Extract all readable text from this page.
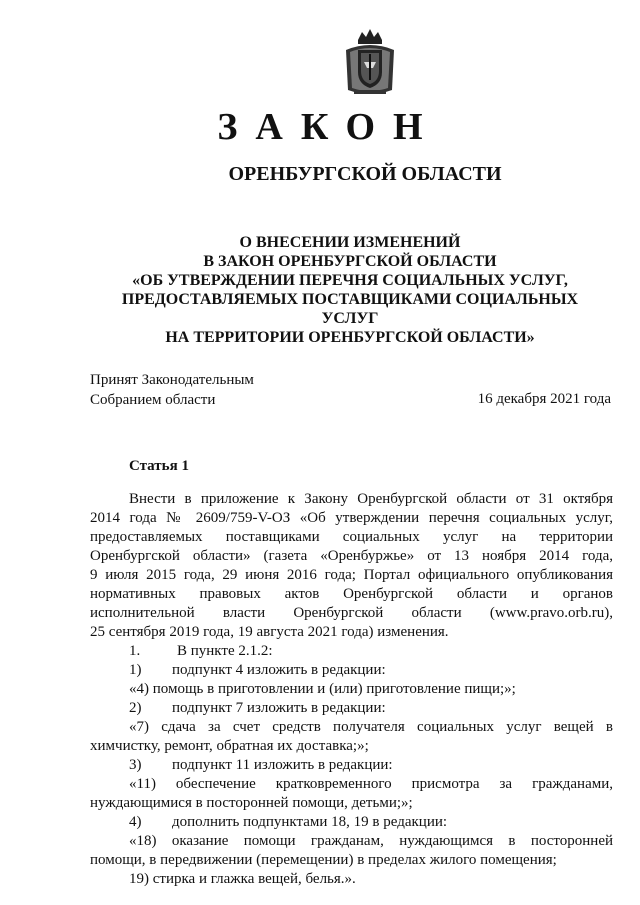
ЗАКОН
ОРЕНБУРГСКОЙ ОБЛАСТИ
О ВНЕСЕНИИ ИЗМЕНЕНИЙ
В ЗАКОН ОРЕНБУРГСКОЙ ОБЛАСТИ
«ОБ УТВЕРЖДЕНИИ ПЕРЕЧНЯ СОЦИАЛЬНЫХ УСЛУГ,
ПРЕДОСТАВЛЯЕМЫХ ПОСТАВЩИКАМИ СОЦИАЛЬНЫХ УСЛУГ
НА ТЕРРИТОРИИ ОРЕНБУРГСКОЙ ОБЛАСТИ»
Принят Законодательным
Собранием области	16 декабря 2021 года
Статья 1

Внести в приложение к Закону Оренбургской области от 31 октября

2014 года № 2609/759-V-ОЗ «Об утверждении перечня социальных услуг,

предоставляемых поставщиками социальных услуг на территории

Оренбургской области» (газета «Оренбуржье» от 13 ноября 2014 года,

9 июля 2015 года, 29 июня 2016 года; Портал официального опубликования

нормативных правовых актов Оренбургской области и органов

исполнительной власти Оренбургской области (www.pravo.orb.ru),

25 сентября 2019 года, 19 августа 2021 года) изменения.

1.	В пункте 2.1.2:
1)	подпункт 4 изложить в редакции:

«4) помощь в приготовлении и (или) приготовление пищи;»;

2)	подпункт 7 изложить в редакции:

«7) сдача за счет средств получателя социальных услуг вещей в

химчистку, ремонт, обратная их доставка;»;

3)	подпункт 11 изложить в редакции:

«11) обеспечение кратковременного присмотра за гражданами,

нуждающимися в посторонней помощи, детьми;»;

4)	дополнить подпунктами 18, 19 в редакции:

«18) оказание помощи гражданам, нуждающимся в посторонней

помощи, в передвижении (перемещении) в пределах жилого помещения;

19) стирка и глажка вещей, белья.».
